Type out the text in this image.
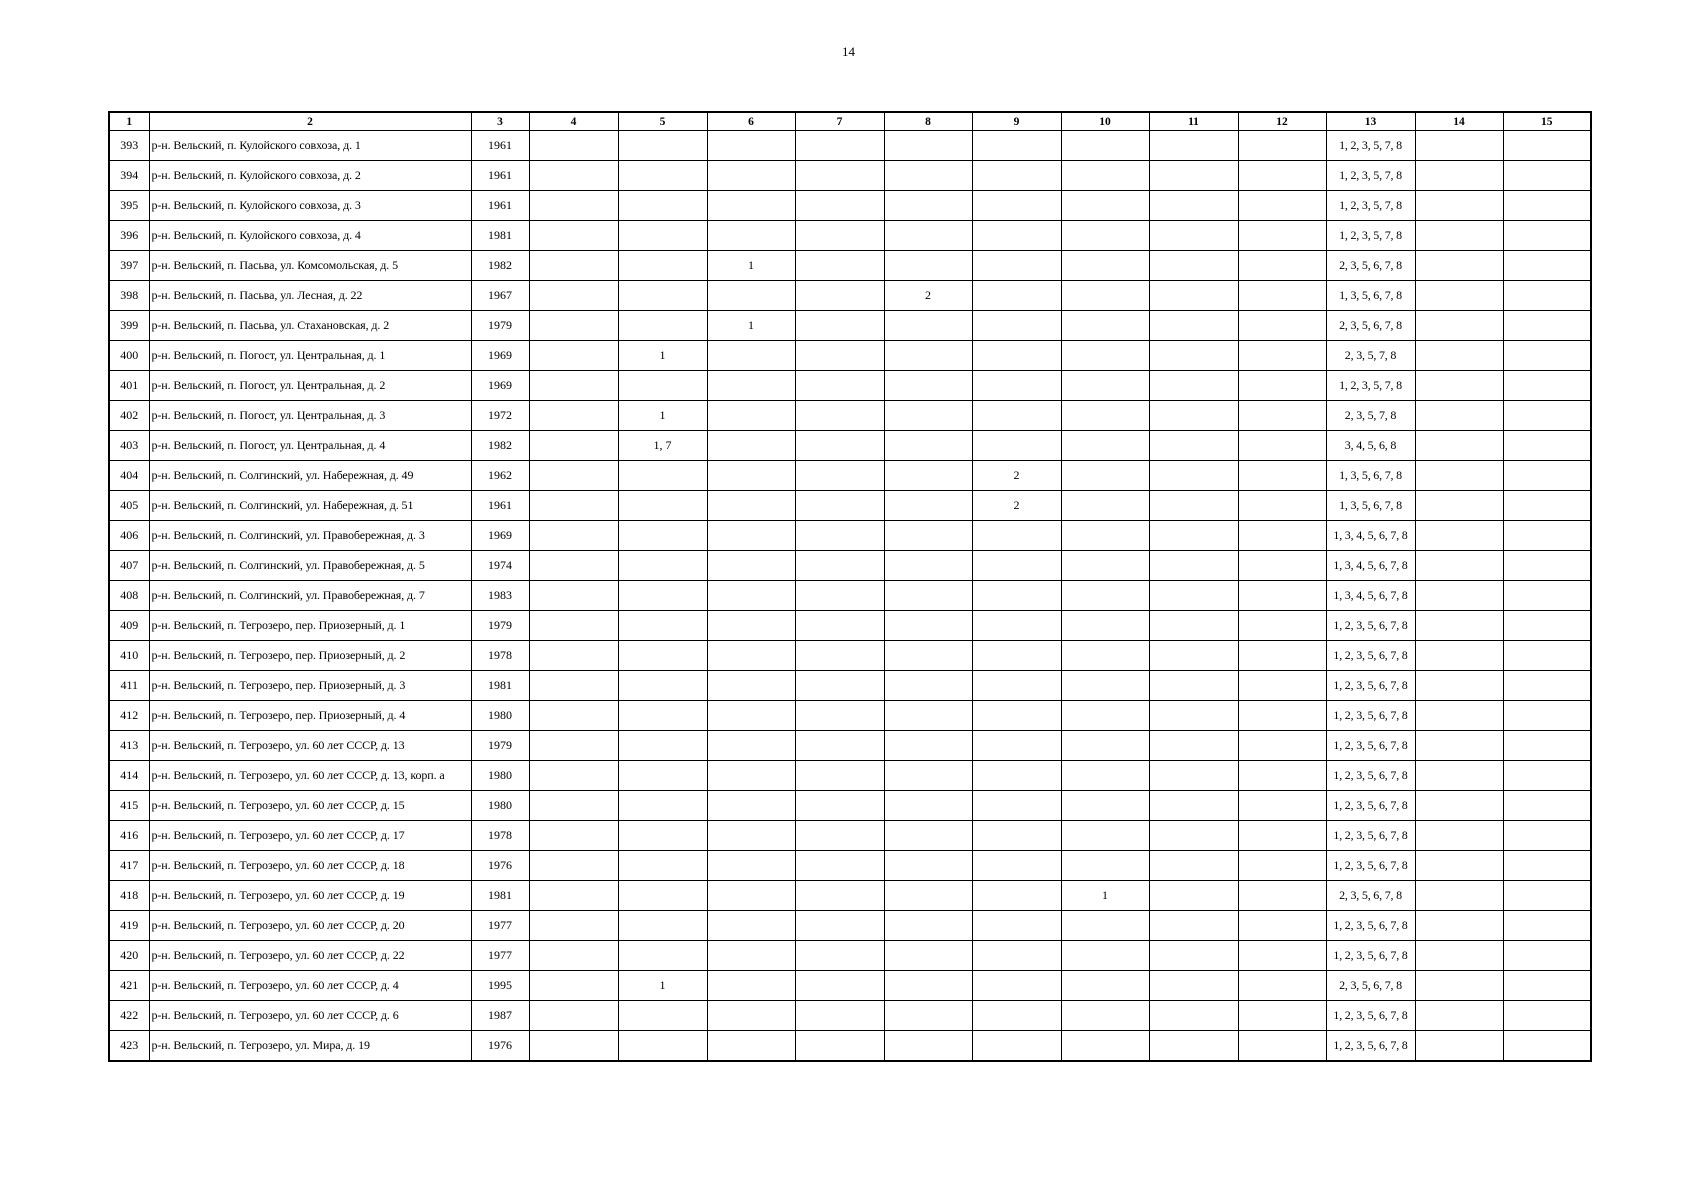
14
1	2	3	4	5	6	7	8	9	10	11	12	13	14	15
393	р-н. Вельский, п. Кулойского совхоза, д. 1	1961										1, 2, 3, 5, 7, 8		
394	р-н. Вельский, п. Кулойского совхоза, д. 2	1961										1, 2, 3, 5, 7, 8		
395	р-н. Вельский, п. Кулойского совхоза, д. 3	1961										1, 2, 3, 5, 7, 8		
396	р-н. Вельский, п. Кулойского совхоза, д. 4	1981										1, 2, 3, 5, 7, 8		
397	р-н. Вельский, п. Пасьва, ул. Комсомольская, д. 5	1982			1							2, 3, 5, 6, 7, 8		
398	р-н. Вельский, п. Пасьва, ул. Лесная, д. 22	1967					2					1, 3, 5, 6, 7, 8		
399	р-н. Вельский, п. Пасьва, ул. Стахановская, д. 2	1979			1							2, 3, 5, 6, 7, 8		
400	р-н. Вельский, п. Погост, ул. Центральная, д. 1	1969		1								2, 3, 5, 7, 8		
401	р-н. Вельский, п. Погост, ул. Центральная, д. 2	1969										1, 2, 3, 5, 7, 8		
402	р-н. Вельский, п. Погост, ул. Центральная, д. 3	1972		1								2, 3, 5, 7, 8		
403	р-н. Вельский, п. Погост, ул. Центральная, д. 4	1982		1, 7								3, 4, 5, 6, 8		
404	р-н. Вельский, п. Солгинский, ул. Набережная, д. 49	1962						2				1, 3, 5, 6, 7, 8		
405	р-н. Вельский, п. Солгинский, ул. Набережная, д. 51	1961						2				1, 3, 5, 6, 7, 8		
406	р-н. Вельский, п. Солгинский, ул. Правобережная, д. 3	1969										1, 3, 4, 5, 6, 7, 8		
407	р-н. Вельский, п. Солгинский, ул. Правобережная, д. 5	1974										1, 3, 4, 5, 6, 7, 8		
408	р-н. Вельский, п. Солгинский, ул. Правобережная, д. 7	1983										1, 3, 4, 5, 6, 7, 8		
409	р-н. Вельский, п. Тегрозеро, пер. Приозерный, д. 1	1979										1, 2, 3, 5, 6, 7, 8		
410	р-н. Вельский, п. Тегрозеро, пер. Приозерный, д. 2	1978										1, 2, 3, 5, 6, 7, 8		
411	р-н. Вельский, п. Тегрозеро, пер. Приозерный, д. 3	1981										1, 2, 3, 5, 6, 7, 8		
412	р-н. Вельский, п. Тегрозеро, пер. Приозерный, д. 4	1980										1, 2, 3, 5, 6, 7, 8		
413	р-н. Вельский, п. Тегрозеро, ул. 60 лет СССР, д. 13	1979										1, 2, 3, 5, 6, 7, 8		
414	р-н. Вельский, п. Тегрозеро, ул. 60 лет СССР, д. 13, корп. а	1980										1, 2, 3, 5, 6, 7, 8		
415	р-н. Вельский, п. Тегрозеро, ул. 60 лет СССР, д. 15	1980										1, 2, 3, 5, 6, 7, 8		
416	р-н. Вельский, п. Тегрозеро, ул. 60 лет СССР, д. 17	1978										1, 2, 3, 5, 6, 7, 8		
417	р-н. Вельский, п. Тегрозеро, ул. 60 лет СССР, д. 18	1976										1, 2, 3, 5, 6, 7, 8		
418	р-н. Вельский, п. Тегрозеро, ул. 60 лет СССР, д. 19	1981							1			2, 3, 5, 6, 7, 8		
419	р-н. Вельский, п. Тегрозеро, ул. 60 лет СССР, д. 20	1977										1, 2, 3, 5, 6, 7, 8		
420	р-н. Вельский, п. Тегрозеро, ул. 60 лет СССР, д. 22	1977										1, 2, 3, 5, 6, 7, 8		
421	р-н. Вельский, п. Тегрозеро, ул. 60 лет СССР, д. 4	1995		1								2, 3, 5, 6, 7, 8		
422	р-н. Вельский, п. Тегрозеро, ул. 60 лет СССР, д. 6	1987										1, 2, 3, 5, 6, 7, 8		
423	р-н. Вельский, п. Тегрозеро, ул. Мира, д. 19	1976										1, 2, 3, 5, 6, 7, 8		
